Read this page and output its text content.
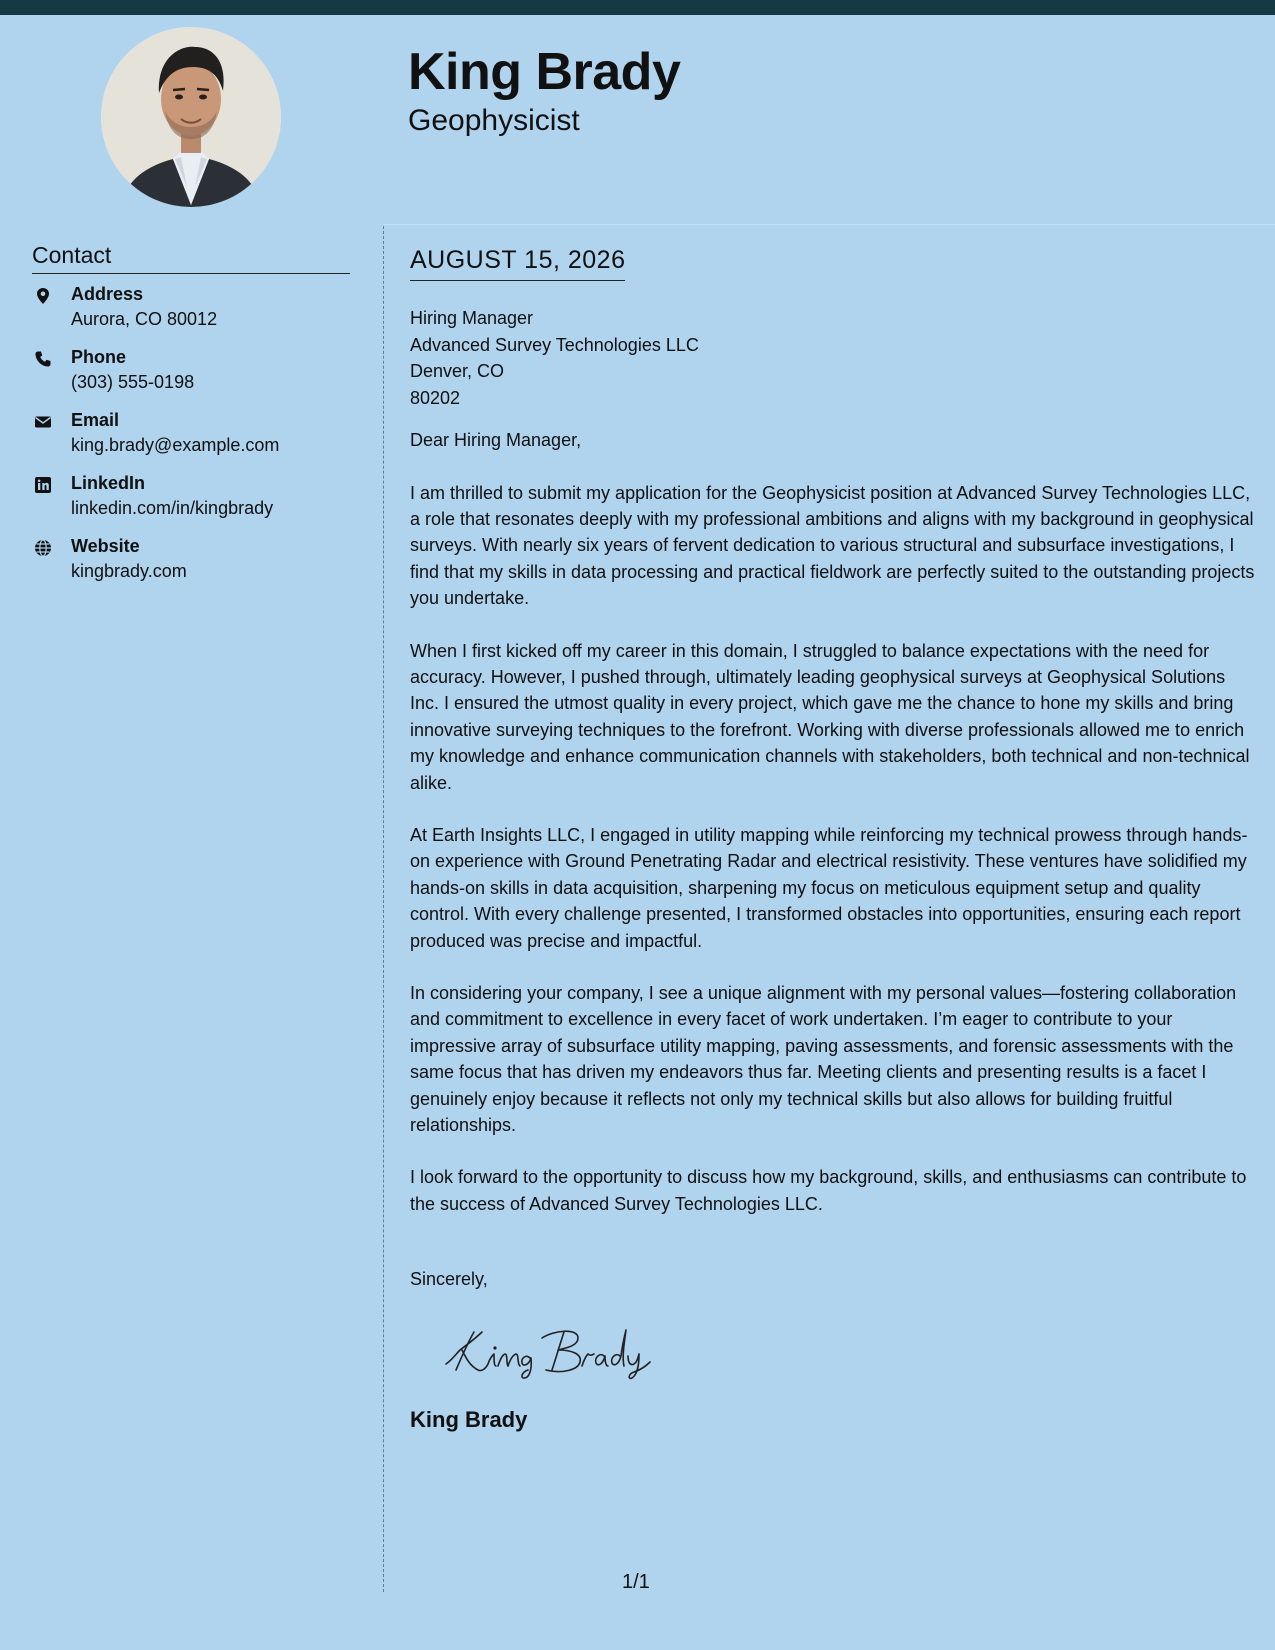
King Brady
Geophysicist
Contact
Address
Aurora, CO 80012
Phone
(303) 555-0198
Email
king.brady@example.com
LinkedIn
linkedin.com/in/kingbrady
Website
kingbrady.com
AUGUST 15, 2026
Hiring Manager
Advanced Survey Technologies LLC
Denver, CO
80202
Dear Hiring Manager,

I am thrilled to submit my application for the Geophysicist position at Advanced Survey Technologies LLC, a role that resonates deeply with my professional ambitions and aligns with my background in geophysical surveys. With nearly six years of fervent dedication to various structural and subsurface investigations, I find that my skills in data processing and practical fieldwork are perfectly suited to the outstanding projects you undertake.

When I first kicked off my career in this domain, I struggled to balance expectations with the need for accuracy. However, I pushed through, ultimately leading geophysical surveys at Geophysical Solutions Inc. I ensured the utmost quality in every project, which gave me the chance to hone my skills and bring innovative surveying techniques to the forefront. Working with diverse professionals allowed me to enrich my knowledge and enhance communication channels with stakeholders, both technical and non-technical alike.

At Earth Insights LLC, I engaged in utility mapping while reinforcing my technical prowess through hands-on experience with Ground Penetrating Radar and electrical resistivity. These ventures have solidified my hands-on skills in data acquisition, sharpening my focus on meticulous equipment setup and quality control. With every challenge presented, I transformed obstacles into opportunities, ensuring each report produced was precise and impactful.

In considering your company, I see a unique alignment with my personal values—fostering collaboration and commitment to excellence in every facet of work undertaken. I’m eager to contribute to your impressive array of subsurface utility mapping, paving assessments, and forensic assessments with the same focus that has driven my endeavors thus far. Meeting clients and presenting results is a facet I genuinely enjoy because it reflects not only my technical skills but also allows for building fruitful relationships.

I look forward to the opportunity to discuss how my background, skills, and enthusiasms can contribute to the success of Advanced Survey Technologies LLC.

Sincerely,
King Brady
1/1
